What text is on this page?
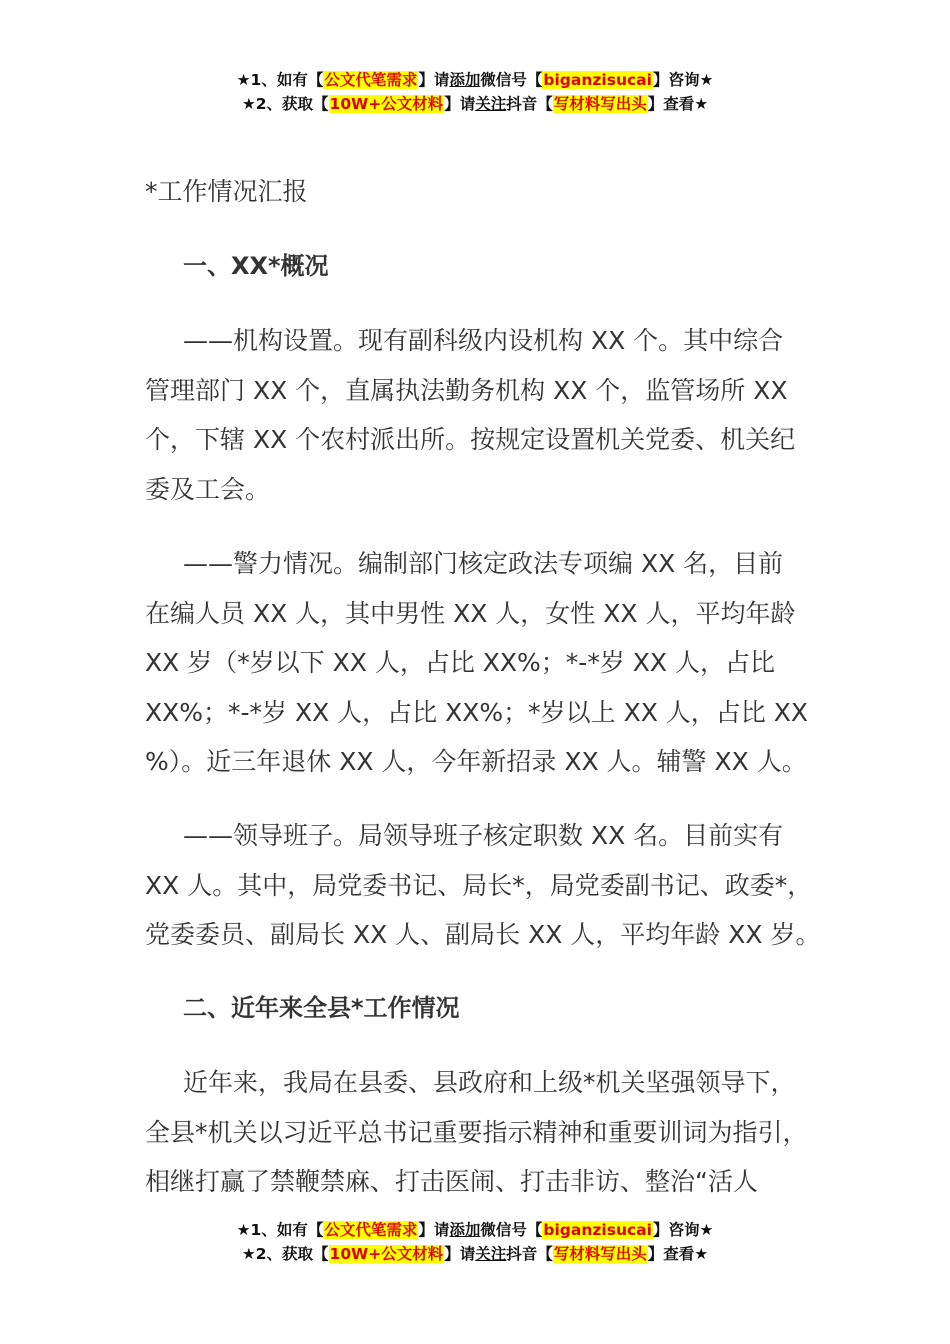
★1、如有【公文代笔需求】请添加微信号【biganzisucai】咨询★
★2、获取【10W+公文材料】请关注抖音【写材料写出头】查看★
*工作情况汇报
一、XX*概况
——机构设置。现有副科级内设机构 XX 个。其中综合
管理部门 XX 个，直属执法勤务机构 XX 个，监管场所 XX
个，下辖 XX 个农村派出所。按规定设置机关党委、机关纪
委及工会。
——警力情况。编制部门核定政法专项编 XX 名，目前
在编人员 XX 人，其中男性 XX 人，女性 XX 人，平均年龄
XX 岁（*岁以下 XX 人，占比 XX%；*-*岁 XX 人，占比
XX%；*-*岁 XX 人，占比 XX%；*岁以上 XX 人，占比 XX
%）。近三年退休 XX 人，今年新招录 XX 人。辅警 XX 人。
——领导班子。局领导班子核定职数 XX 名。目前实有
XX 人。其中，局党委书记、局长*，局党委副书记、政委*，
党委委员、副局长 XX 人、副局长 XX 人，平均年龄 XX 岁。
二、近年来全县*工作情况
近年来，我局在县委、县政府和上级*机关坚强领导下，
全县*机关以习近平总书记重要指示精神和重要训词为指引，
相继打赢了禁鞭禁麻、打击医闹、打击非访、整治“活人
★1、如有【公文代笔需求】请添加微信号【biganzisucai】咨询★
★2、获取【10W+公文材料】请关注抖音【写材料写出头】查看★
